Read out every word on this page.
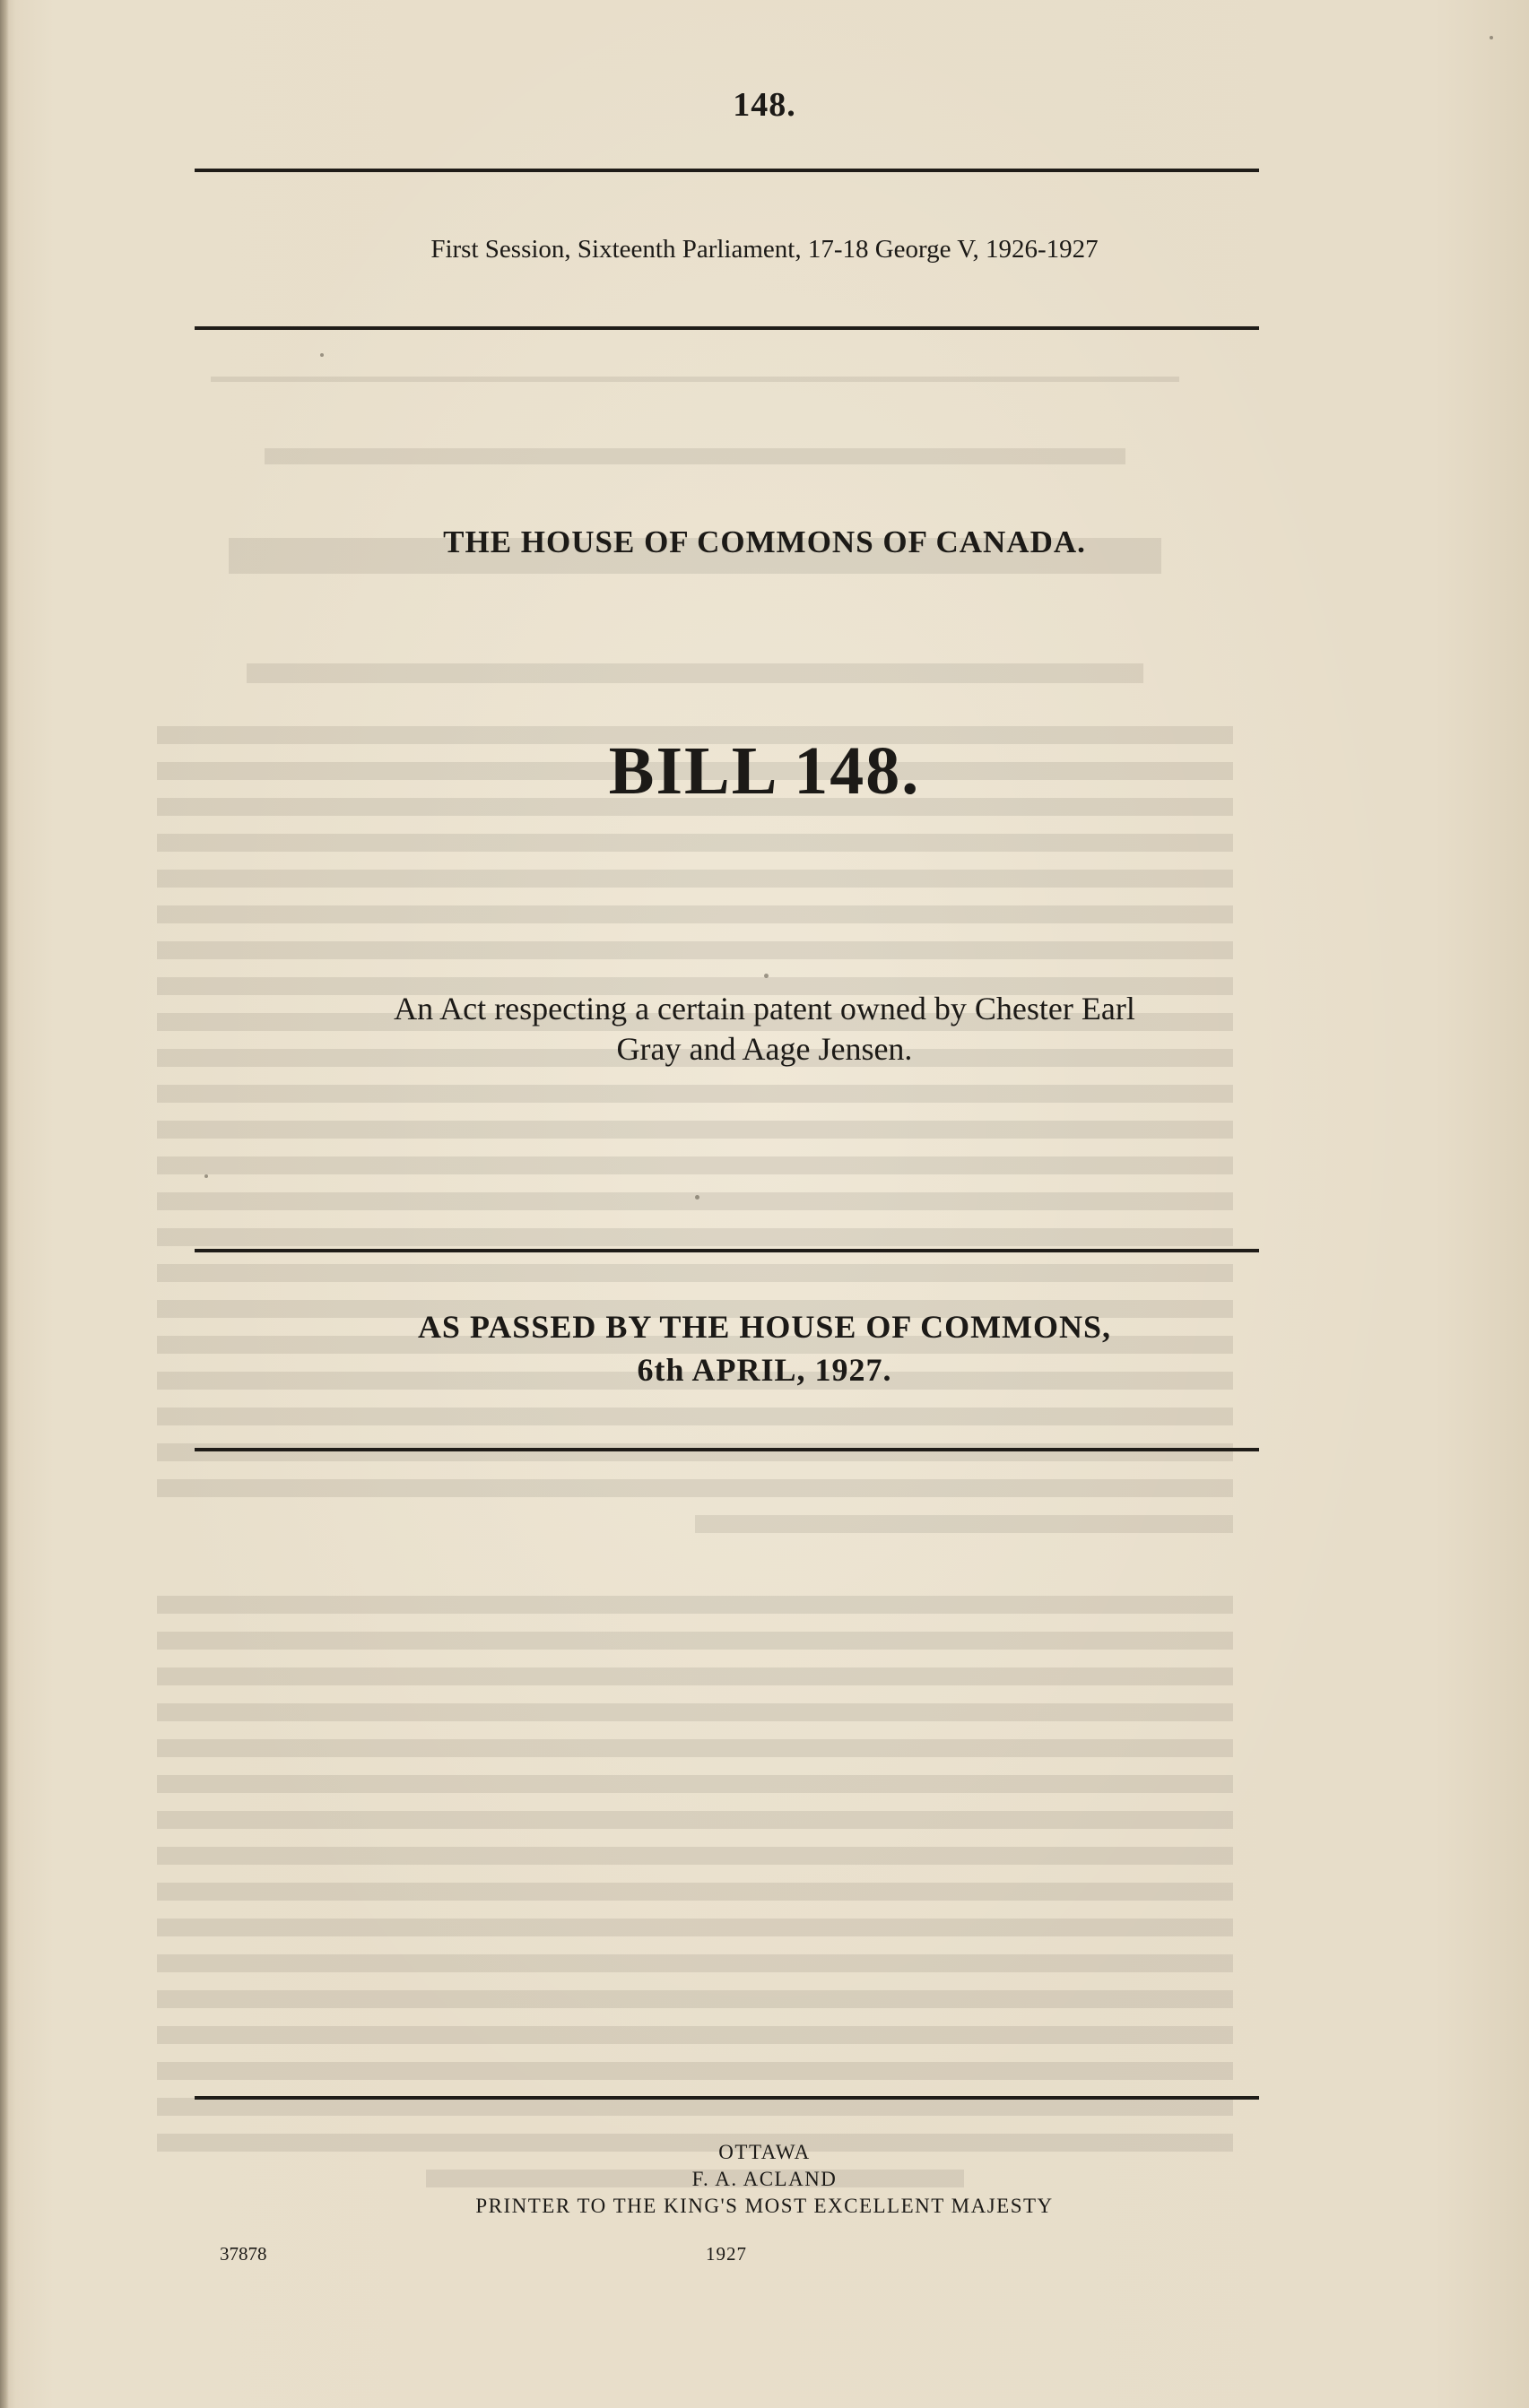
148.
First Session, Sixteenth Parliament, 17-18 George V, 1926-1927
THE HOUSE OF COMMONS OF CANADA.
BILL 148.
An Act respecting a certain patent owned by Chester Earl
Gray and Aage Jensen.
AS PASSED BY THE HOUSE OF COMMONS,
6th APRIL, 1927.
OTTAWA
F. A. ACLAND
PRINTER TO THE KING'S MOST EXCELLENT MAJESTY
37878	1927
